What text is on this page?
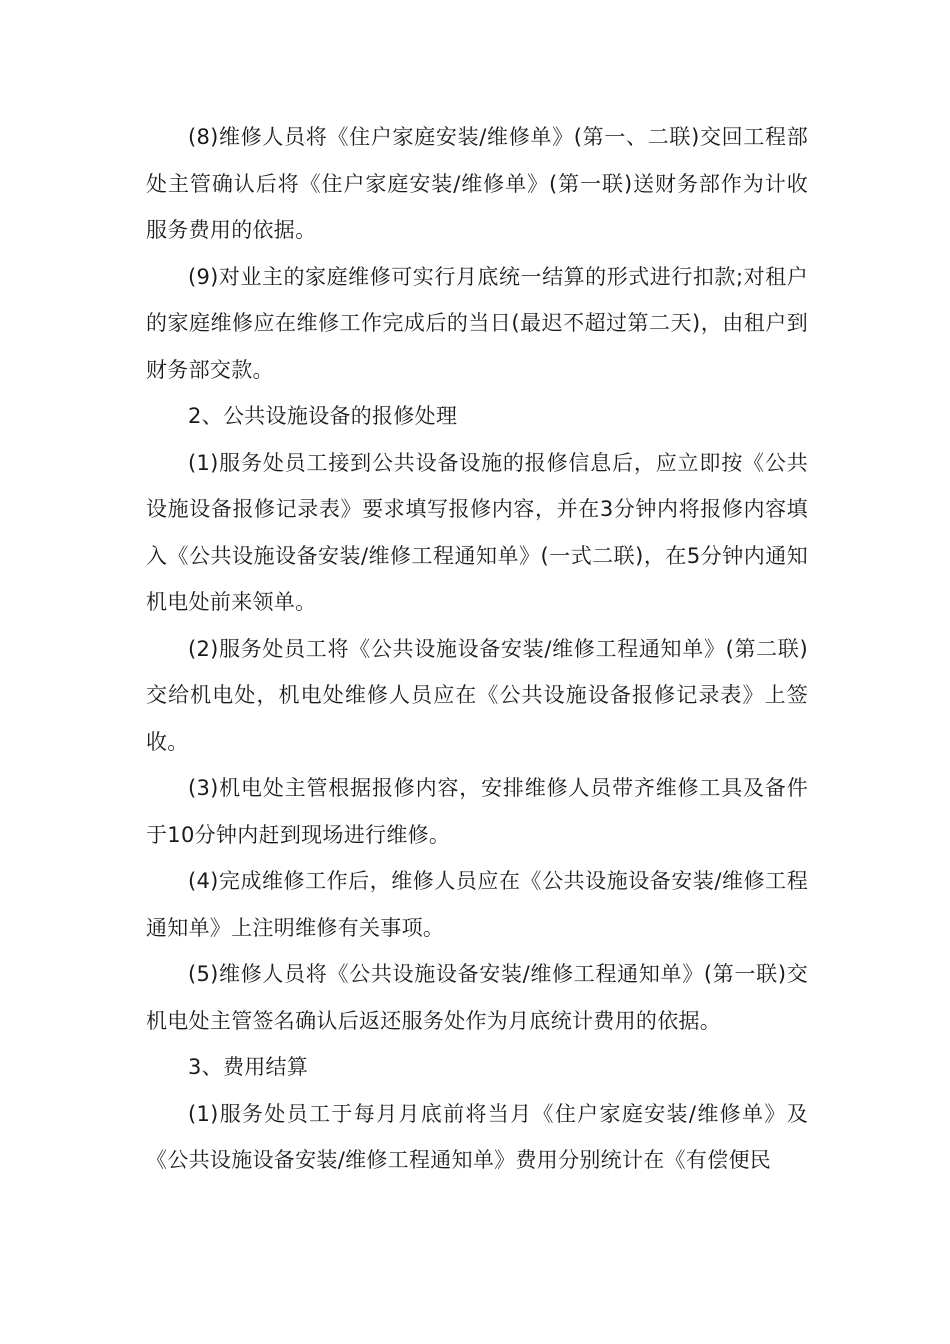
(8)维修人员将《住户家庭安装/维修单》(第一、二联)交回工程部处主管确认后将《住户家庭安装/维修单》(第一联)送财务部作为计收服务费用的依据。

(9)对业主的家庭维修可实行月底统一结算的形式进行扣款;对租户的家庭维修应在维修工作完成后的当日(最迟不超过第二天)，由租户到财务部交款。

2、公共设施设备的报修处理

(1)服务处员工接到公共设备设施的报修信息后，应立即按《公共设施设备报修记录表》要求填写报修内容，并在3分钟内将报修内容填入《公共设施设备安装/维修工程通知单》(一式二联)，在5分钟内通知机电处前来领单。

(2)服务处员工将《公共设施设备安装/维修工程通知单》(第二联)交给机电处，机电处维修人员应在《公共设施设备报修记录表》上签收。

(3)机电处主管根据报修内容，安排维修人员带齐维修工具及备件于10分钟内赶到现场进行维修。

(4)完成维修工作后，维修人员应在《公共设施设备安装/维修工程通知单》上注明维修有关事项。

(5)维修人员将《公共设施设备安装/维修工程通知单》(第一联)交机电处主管签名确认后返还服务处作为月底统计费用的依据。

3、费用结算

(1)服务处员工于每月月底前将当月《住户家庭安装/维修单》及《公共设施设备安装/维修工程通知单》费用分别统计在《有偿便民
